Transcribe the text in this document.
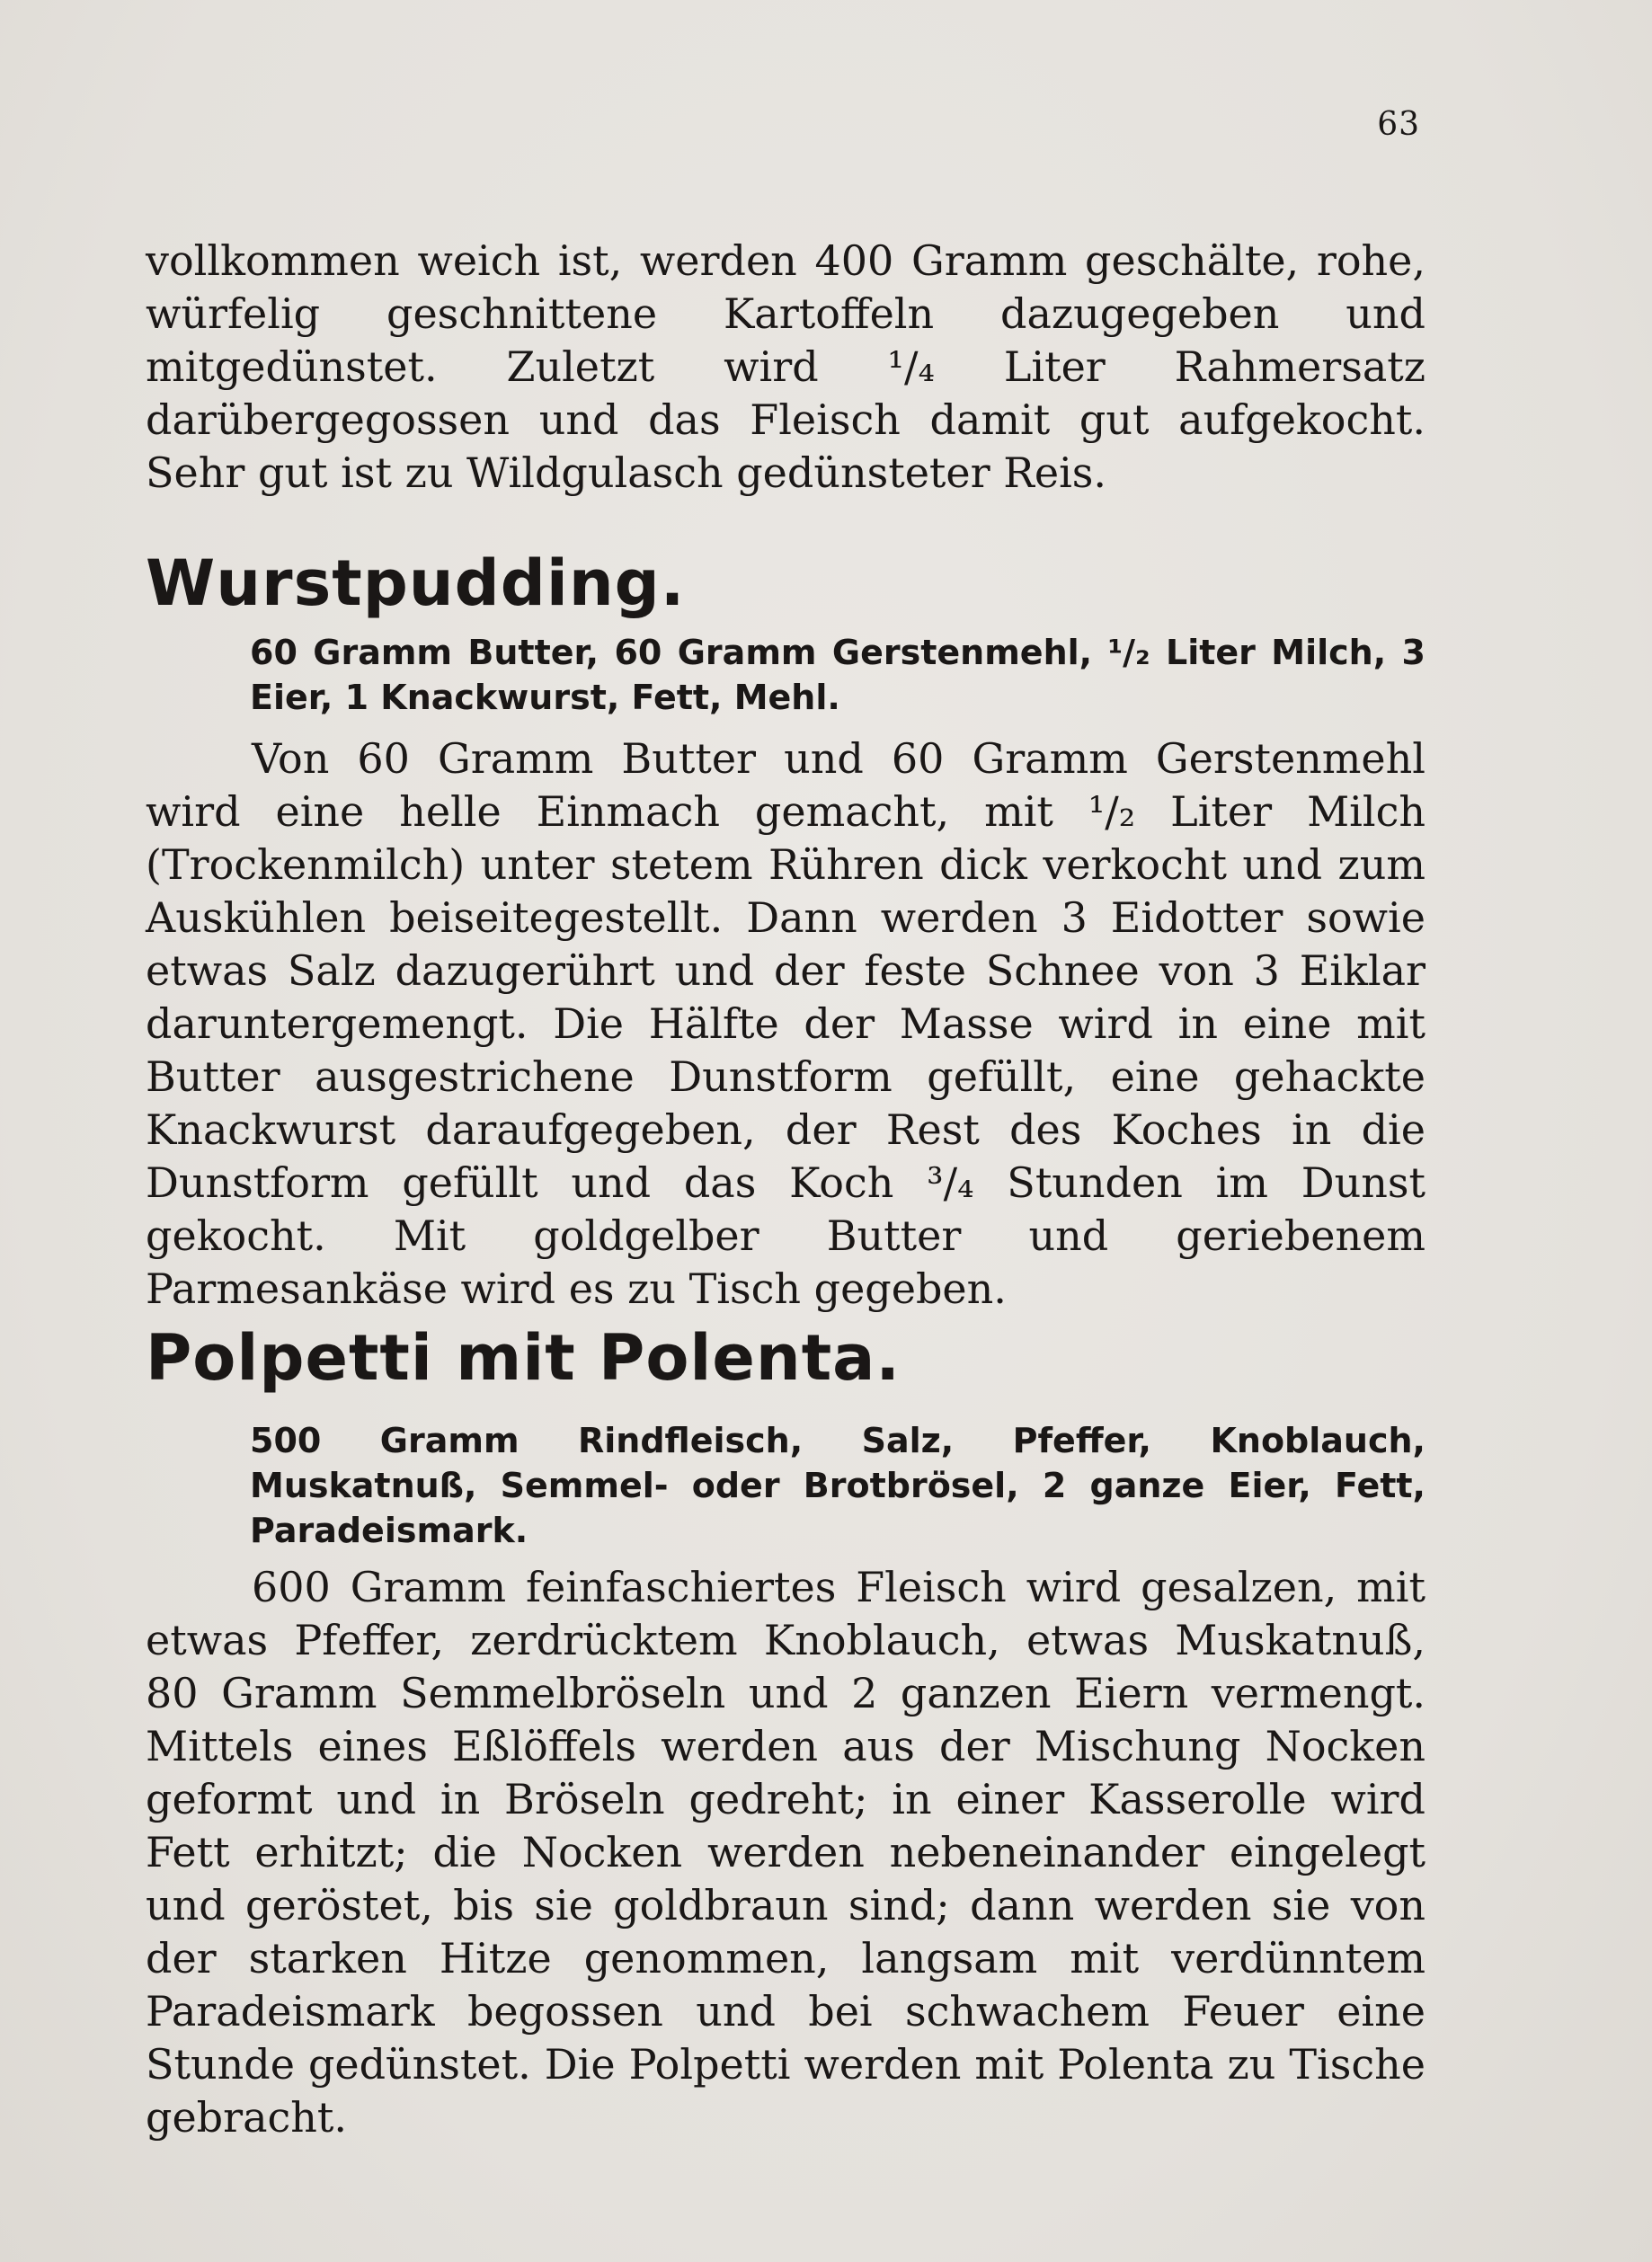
63

vollkommen weich ist, werden 400 Gramm geschälte, rohe, würfelig geschnittene Kartoffeln dazugegeben und mitgedünstet. Zuletzt wird ¹/₄ Liter Rahmersatz darübergegossen und das Fleisch damit gut aufgekocht. Sehr gut ist zu Wildgulasch gedünsteter Reis.

Wurstpudding.

60 Gramm Butter, 60 Gramm Gerstenmehl, ¹/₂ Liter Milch, 3 Eier, 1 Knackwurst, Fett, Mehl.

Von 60 Gramm Butter und 60 Gramm Gerstenmehl wird eine helle Einmach gemacht, mit ¹/₂ Liter Milch (Trockenmilch) unter stetem Rühren dick verkocht und zum Auskühlen beiseitegestellt. Dann werden 3 Eidotter sowie etwas Salz dazugerührt und der feste Schnee von 3 Eiklar daruntergemengt. Die Hälfte der Masse wird in eine mit Butter ausgestrichene Dunstform gefüllt, eine gehackte Knackwurst daraufgegeben, der Rest des Koches in die Dunstform gefüllt und das Koch ³/₄ Stunden im Dunst gekocht. Mit goldgelber Butter und geriebenem Parmesankäse wird es zu Tisch gegeben.

Polpetti mit Polenta.

500 Gramm Rindfleisch, Salz, Pfeffer, Knoblauch, Muskatnuß, Semmel- oder Brotbrösel, 2 ganze Eier, Fett, Paradeismark.

600 Gramm feinfaschiertes Fleisch wird gesalzen, mit etwas Pfeffer, zerdrücktem Knoblauch, etwas Muskatnuß, 80 Gramm Semmelbröseln und 2 ganzen Eiern vermengt. Mittels eines Eßlöffels werden aus der Mischung Nocken geformt und in Bröseln gedreht; in einer Kasserolle wird Fett erhitzt; die Nocken werden nebeneinander eingelegt und geröstet, bis sie goldbraun sind; dann werden sie von der starken Hitze genommen, langsam mit verdünntem Paradeismark begossen und bei schwachem Feuer eine Stunde gedünstet. Die Polpetti werden mit Polenta zu Tische gebracht.
